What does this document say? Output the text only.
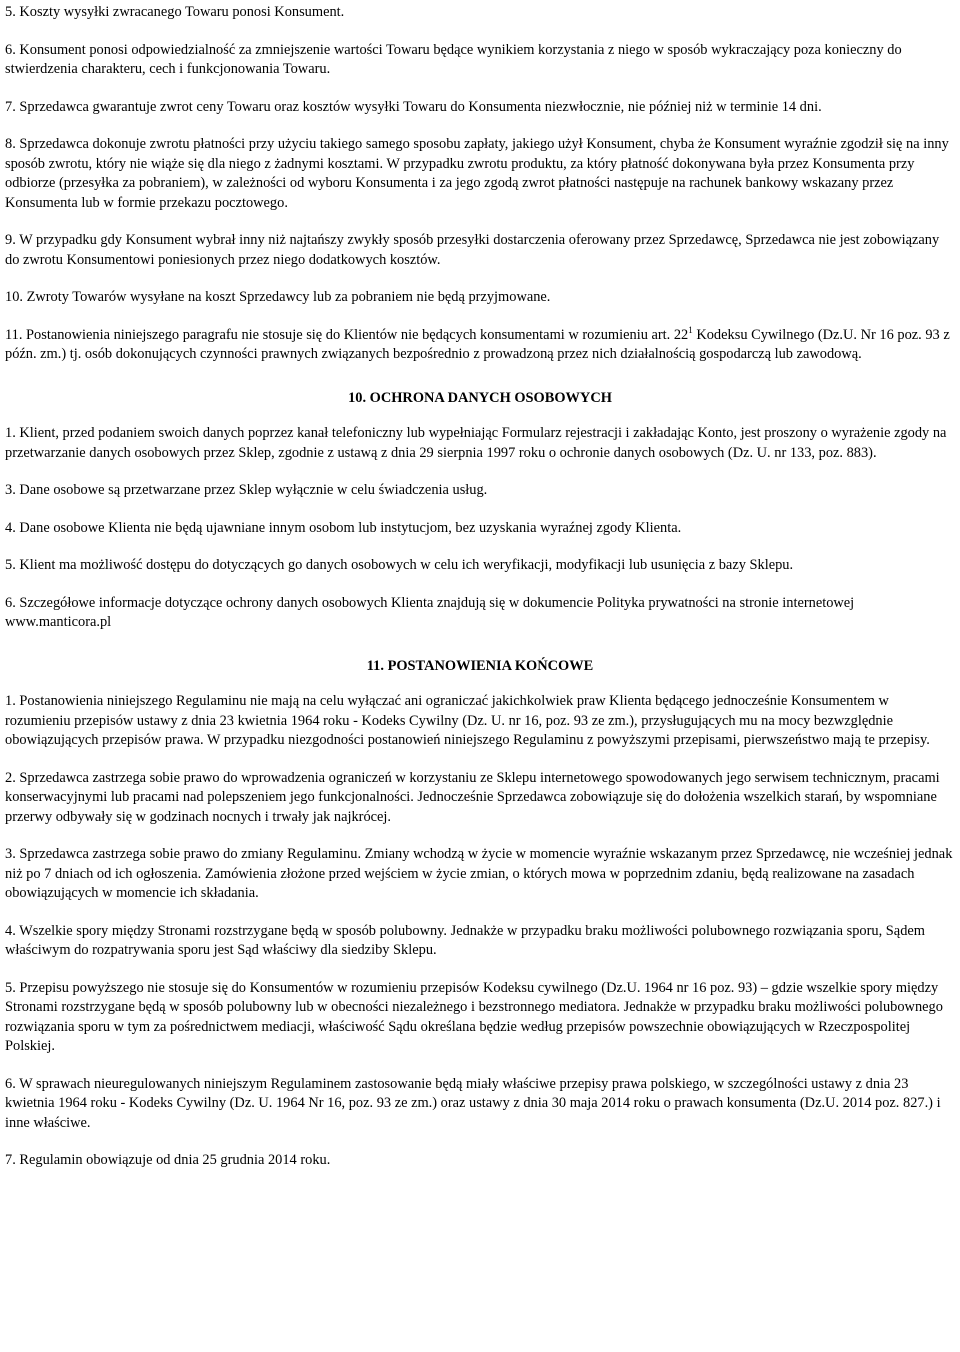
5. Koszty wysyłki zwracanego Towaru ponosi Konsument.

6. Konsument ponosi odpowiedzialność za zmniejszenie wartości Towaru będące wynikiem korzystania z niego w sposób wykraczający poza konieczny do stwierdzenia charakteru, cech i funkcjonowania Towaru.

7. Sprzedawca gwarantuje zwrot ceny Towaru oraz kosztów wysyłki Towaru do Konsumenta niezwłocznie, nie później niż w terminie 14 dni.

8. Sprzedawca dokonuje zwrotu płatności przy użyciu takiego samego sposobu zapłaty, jakiego użył Konsument, chyba że Konsument wyraźnie zgodził się na inny sposób zwrotu, który nie wiąże się dla niego z żadnymi kosztami. W przypadku zwrotu produktu, za który płatność dokonywana była przez Konsumenta przy odbiorze (przesyłka za pobraniem), w zależności od wyboru Konsumenta i za jego zgodą zwrot płatności następuje na rachunek bankowy wskazany przez Konsumenta lub w formie przekazu pocztowego.

9. W przypadku gdy Konsument wybrał inny niż najtańszy zwykły sposób przesyłki dostarczenia oferowany przez Sprzedawcę, Sprzedawca nie jest zobowiązany do zwrotu Konsumentowi poniesionych przez niego dodatkowych kosztów.

10. Zwroty Towarów wysyłane na koszt Sprzedawcy lub za pobraniem nie będą przyjmowane.

11. Postanowienia niniejszego paragrafu nie stosuje się do Klientów nie będących konsumentami w rozumieniu art. $22^1$ Kodeksu Cywilnego (Dz.U. Nr 16 poz. 93 z późn. zm.) tj. osób dokonujących czynności prawnych związanych bezpośrednio z prowadzoną przez nich działalnością gospodarczą lub zawodową.

10. OCHRONA DANYCH OSOBOWYCH

1. Klient, przed podaniem swoich danych poprzez kanał telefoniczny lub wypełniając Formularz rejestracji i zakładając Konto, jest proszony o wyrażenie zgody na przetwarzanie danych osobowych przez Sklep, zgodnie z ustawą z dnia 29 sierpnia 1997 roku o ochronie danych osobowych (Dz. U. nr 133, poz. 883).

3. Dane osobowe są przetwarzane przez Sklep wyłącznie w celu świadczenia usług.

4. Dane osobowe Klienta nie będą ujawniane innym osobom lub instytucjom, bez uzyskania wyraźnej zgody Klienta.

5. Klient ma możliwość dostępu do dotyczących go danych osobowych w celu ich weryfikacji, modyfikacji lub usunięcia z bazy Sklepu.

6. Szczegółowe informacje dotyczące ochrony danych osobowych Klienta znajdują się w dokumencie Polityka prywatności na stronie internetowej www.manticora.pl

11. POSTANOWIENIA KOŃCOWE

1. Postanowienia niniejszego Regulaminu nie mają na celu wyłączać ani ograniczać jakichkolwiek praw Klienta będącego jednocześnie Konsumentem w rozumieniu przepisów ustawy z dnia 23 kwietnia 1964 roku - Kodeks Cywilny (Dz. U. nr 16, poz. 93 ze zm.), przysługujących mu na mocy bezwzględnie obowiązujących przepisów prawa. W przypadku niezgodności postanowień niniejszego Regulaminu z powyższymi przepisami, pierwszeństwo mają te przepisy.

2. Sprzedawca zastrzega sobie prawo do wprowadzenia ograniczeń w korzystaniu ze Sklepu internetowego spowodowanych jego serwisem technicznym, pracami konserwacyjnymi lub pracami nad polepszeniem jego funkcjonalności. Jednocześnie Sprzedawca zobowiązuje się do dołożenia wszelkich starań, by wspomniane przerwy odbywały się w godzinach nocnych i trwały jak najkrócej.

3. Sprzedawca zastrzega sobie prawo do zmiany Regulaminu. Zmiany wchodzą w życie w momencie wyraźnie wskazanym przez Sprzedawcę, nie wcześniej jednak niż po 7 dniach od ich ogłoszenia. Zamówienia złożone przed wejściem w życie zmian, o których mowa w poprzednim zdaniu, będą realizowane na zasadach obowiązujących w momencie ich składania.

4. Wszelkie spory między Stronami rozstrzygane będą w sposób polubowny. Jednakże w przypadku braku możliwości polubownego rozwiązania sporu, Sądem właściwym do rozpatrywania sporu jest Sąd właściwy dla siedziby Sklepu.

5. Przepisu powyższego nie stosuje się do Konsumentów w rozumieniu przepisów Kodeksu cywilnego (Dz.U. 1964 nr 16 poz. 93) – gdzie wszelkie spory między Stronami rozstrzygane będą w sposób polubowny lub w obecności niezależnego i bezstronnego mediatora. Jednakże w przypadku braku możliwości polubownego rozwiązania sporu w tym za pośrednictwem mediacji, właściwość Sądu określana będzie według przepisów powszechnie obowiązujących w Rzeczpospolitej Polskiej.

6. W sprawach nieuregulowanych niniejszym Regulaminem zastosowanie będą miały właściwe przepisy prawa polskiego, w szczególności ustawy z dnia 23 kwietnia 1964 roku - Kodeks Cywilny (Dz. U. 1964 Nr 16, poz. 93 ze zm.) oraz ustawy z dnia 30 maja 2014 roku o prawach konsumenta (Dz.U. 2014 poz. 827.) i inne właściwe.

7. Regulamin obowiązuje od dnia 25 grudnia 2014 roku.
